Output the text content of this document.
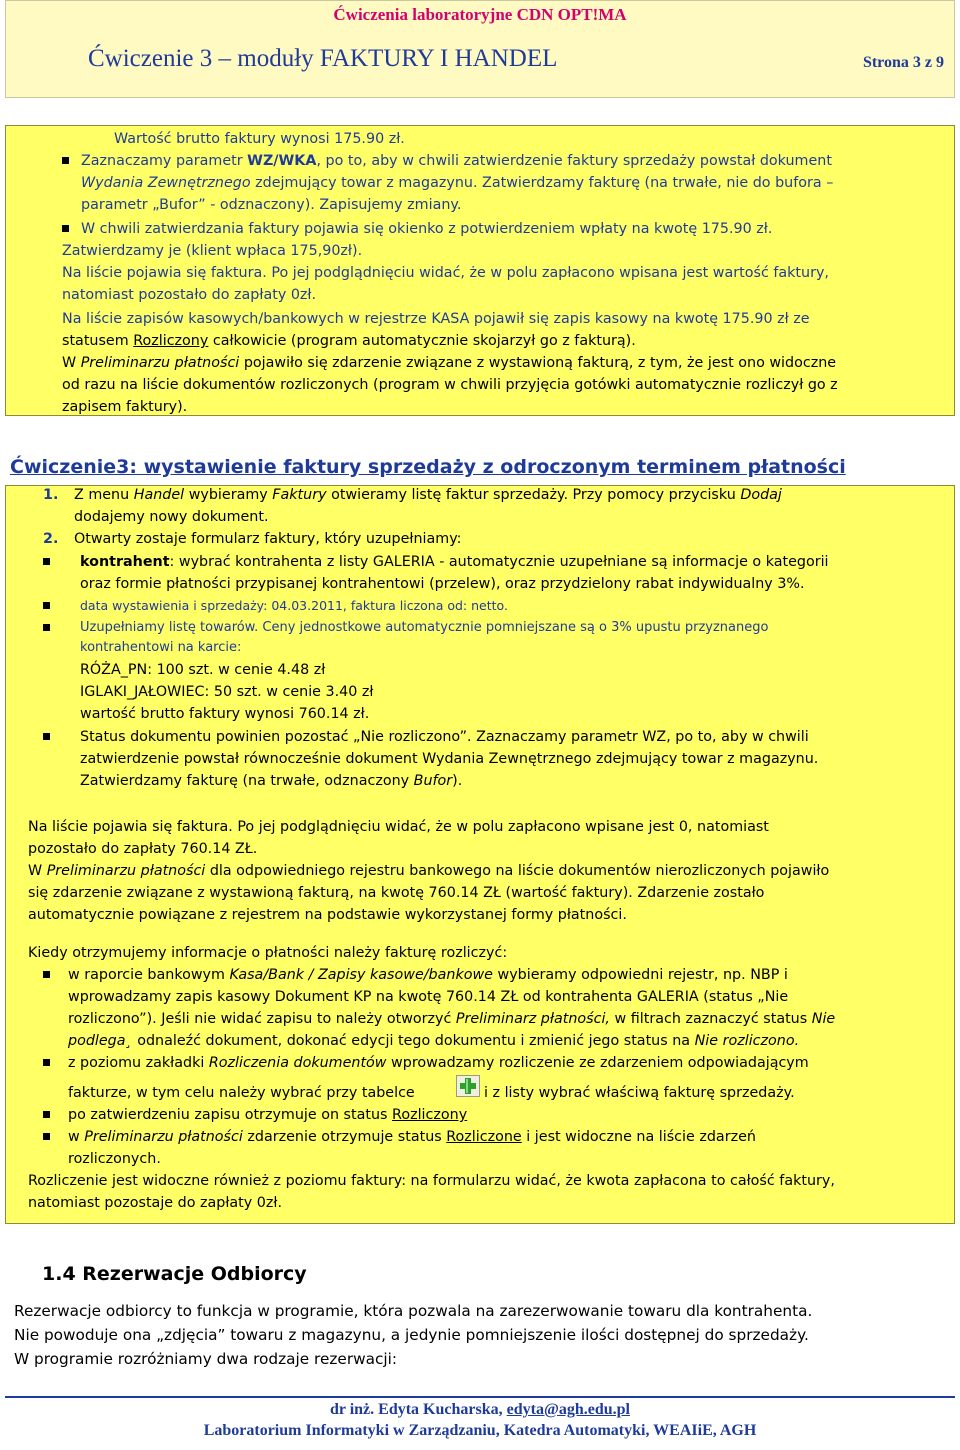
Ćwiczenia laboratoryjne CDN OPT!MA
Ćwiczenie 3 – moduły FAKTURY I HANDEL	Strona 3 z 9
Wartość brutto faktury wynosi 175.90 zł.
Zaznaczamy parametr WZ/WKA, po to, aby w chwili zatwierdzenie faktury sprzedaży powstał dokument
Wydania Zewnętrznego zdejmujący towar z magazynu. Zatwierdzamy fakturę (na trwałe, nie do bufora –
parametr „Bufor” - odznaczony). Zapisujemy zmiany.
W chwili zatwierdzania faktury pojawia się okienko z potwierdzeniem wpłaty na kwotę 175.90 zł.
Zatwierdzamy je (klient wpłaca 175,90zł).
Na liście pojawia się faktura. Po jej podglądnięciu widać, że w polu zapłacono wpisana jest wartość faktury,
natomiast pozostało do zapłaty 0zł.
Na liście zapisów kasowych/bankowych w rejestrze KASA pojawił się zapis kasowy na kwotę 175.90 zł ze
statusem Rozliczony całkowicie (program automatycznie skojarzył go z fakturą).
W Preliminarzu płatności pojawiło się zdarzenie związane z wystawioną fakturą, z tym, że jest ono widoczne
od razu na liście dokumentów rozliczonych (program w chwili przyjęcia gotówki automatycznie rozliczył go z
zapisem faktury).
Ćwiczenie3: wystawienie faktury sprzedaży z odroczonym terminem płatności
1. Z menu Handel wybieramy Faktury otwieramy listę faktur sprzedaży. Przy pomocy przycisku Dodaj
dodajemy nowy dokument.
2. Otwarty zostaje formularz faktury, który uzupełniamy:
kontrahent: wybrać kontrahenta z listy GALERIA - automatycznie uzupełniane są informacje o kategorii
oraz formie płatności przypisanej kontrahentowi (przelew), oraz przydzielony rabat indywidualny 3%.
data wystawienia i sprzedaży: 04.03.2011, faktura liczona od: netto.
Uzupełniamy listę towarów. Ceny jednostkowe automatycznie pomniejszane są o 3% upustu przyznanego
kontrahentowi na karcie:
RÓŻA_PN: 100 szt. w cenie 4.48 zł
IGLAKI_JAŁOWIEC: 50 szt. w cenie 3.40 zł
wartość brutto faktury wynosi 760.14 zł.
Status dokumentu powinien pozostać „Nie rozliczono”. Zaznaczamy parametr WZ, po to, aby w chwili
zatwierdzenie powstał równocześnie dokument Wydania Zewnętrznego zdejmujący towar z magazynu.
Zatwierdzamy fakturę (na trwałe, odznaczony Bufor).
Na liście pojawia się faktura. Po jej podglądnięciu widać, że w polu zapłacono wpisane jest 0, natomiast
pozostało do zapłaty 760.14 ZŁ.
W Preliminarzu płatności dla odpowiedniego rejestru bankowego na liście dokumentów nierozliczonych pojawiło
się zdarzenie związane z wystawioną fakturą, na kwotę 760.14 ZŁ (wartość faktury). Zdarzenie zostało
automatycznie powiązane z rejestrem na podstawie wykorzystanej formy płatności.
Kiedy otrzymujemy informacje o płatności należy fakturę rozliczyć:
w raporcie bankowym Kasa/Bank / Zapisy kasowe/bankowe wybieramy odpowiedni rejestr, np. NBP i
wprowadzamy zapis kasowy Dokument KP na kwotę 760.14 ZŁ od kontrahenta GALERIA (status „Nie
rozliczono”). Jeśli nie widać zapisu to należy otworzyć Preliminarz płatności, w filtrach zaznaczyć status Nie
podlega¸ odnaleźć dokument, dokonać edycji tego dokumentu i zmienić jego status na Nie rozliczono.
z poziomu zakładki Rozliczenia dokumentów wprowadzamy rozliczenie ze zdarzeniem odpowiadającym
fakturze, w tym celu należy wybrać przy tabelce	i z listy wybrać właściwą fakturę sprzedaży.
po zatwierdzeniu zapisu otrzymuje on status Rozliczony
w Preliminarzu płatności zdarzenie otrzymuje status Rozliczone i jest widoczne na liście zdarzeń
rozliczonych.
Rozliczenie jest widoczne również z poziomu faktury: na formularzu widać, że kwota zapłacona to całość faktury,
natomiast pozostaje do zapłaty 0zł.
1.4 Rezerwacje Odbiorcy
Rezerwacje odbiorcy to funkcja w programie, która pozwala na zarezerwowanie towaru dla kontrahenta.
Nie powoduje ona „zdjęcia” towaru z magazynu, a jedynie pomniejszenie ilości dostępnej do sprzedaży.
W programie rozróżniamy dwa rodzaje rezerwacji:
dr inż. Edyta Kucharska, edyta@agh.edu.pl
Laboratorium Informatyki w Zarządzaniu, Katedra Automatyki, WEAIiE, AGH
